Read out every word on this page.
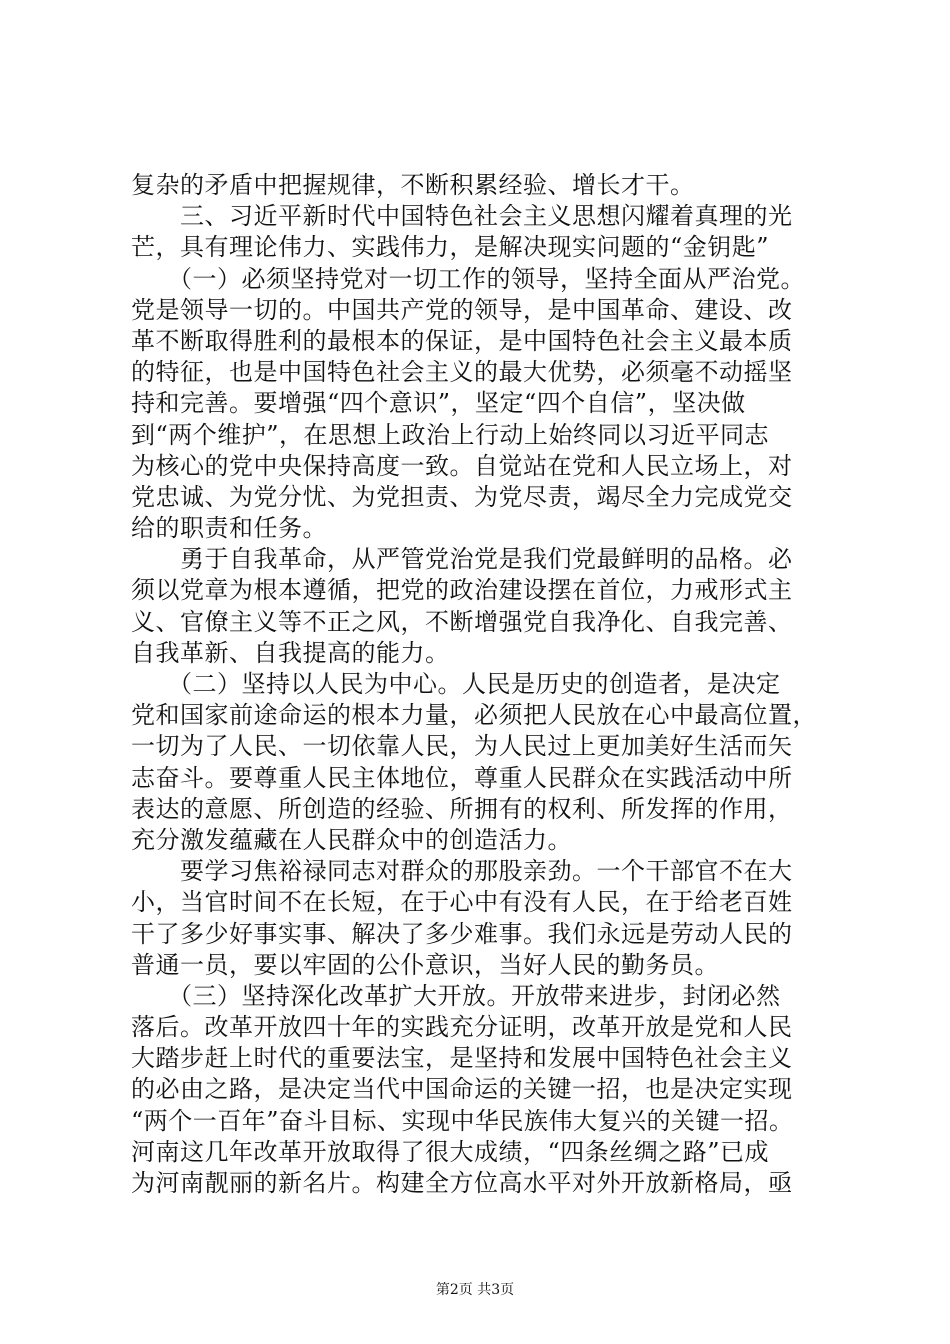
复杂的矛盾中把握规律，不断积累经验、增长才干。
　　三、习近平新时代中国特色社会主义思想闪耀着真理的光
芒，具有理论伟力、实践伟力，是解决现实问题的“金钥匙”
　　（一）必须坚持党对一切工作的领导，坚持全面从严治党。
党是领导一切的。中国共产党的领导，是中国革命、建设、改
革不断取得胜利的最根本的保证，是中国特色社会主义最本质
的特征，也是中国特色社会主义的最大优势，必须毫不动摇坚
持和完善。要增强“四个意识”，坚定“四个自信”，坚决做
到“两个维护”，在思想上政治上行动上始终同以习近平同志
为核心的党中央保持高度一致。自觉站在党和人民立场上，对
党忠诚、为党分忧、为党担责、为党尽责，竭尽全力完成党交
给的职责和任务。
　　勇于自我革命，从严管党治党是我们党最鲜明的品格。必
须以党章为根本遵循，把党的政治建设摆在首位，力戒形式主
义、官僚主义等不正之风，不断增强党自我净化、自我完善、
自我革新、自我提高的能力。
　　（二）坚持以人民为中心。人民是历史的创造者，是决定
党和国家前途命运的根本力量，必须把人民放在心中最高位置，
一切为了人民、一切依靠人民，为人民过上更加美好生活而矢
志奋斗。要尊重人民主体地位，尊重人民群众在实践活动中所
表达的意愿、所创造的经验、所拥有的权利、所发挥的作用，
充分激发蕴藏在人民群众中的创造活力。
　　要学习焦裕禄同志对群众的那股亲劲。一个干部官不在大
小，当官时间不在长短，在于心中有没有人民，在于给老百姓
干了多少好事实事、解决了多少难事。我们永远是劳动人民的
普通一员，要以牢固的公仆意识，当好人民的勤务员。
　　（三）坚持深化改革扩大开放。开放带来进步，封闭必然
落后。改革开放四十年的实践充分证明，改革开放是党和人民
大踏步赶上时代的重要法宝，是坚持和发展中国特色社会主义
的必由之路，是决定当代中国命运的关键一招，也是决定实现
“两个一百年”奋斗目标、实现中华民族伟大复兴的关键一招。
河南这几年改革开放取得了很大成绩，“四条丝绸之路”已成
为河南靓丽的新名片。构建全方位高水平对外开放新格局，亟
第2页 共3页
